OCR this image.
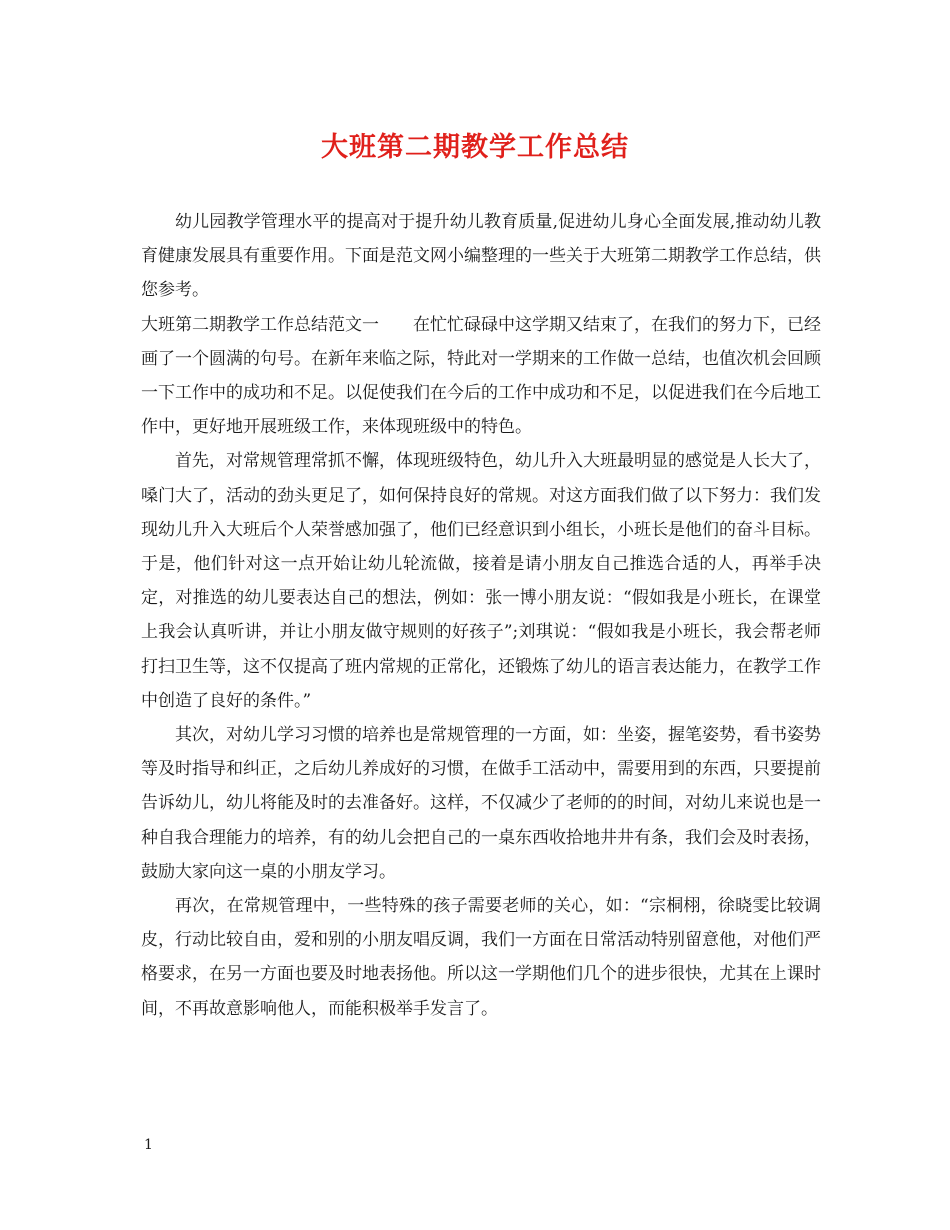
大班第二期教学工作总结

幼儿园教学管理水平的提高对于提升幼儿教育质量,促进幼儿身心全面发展,推动幼儿教育健康发展具有重要作用。下面是范文网小编整理的一些关于大班第二期教学工作总结，供您参考。

大班第二期教学工作总结范文一　　在忙忙碌碌中这学期又结束了，在我们的努力下，已经画了一个圆满的句号。在新年来临之际，特此对一学期来的工作做一总结，也值次机会回顾一下工作中的成功和不足。以促使我们在今后的工作中成功和不足，以促进我们在今后地工作中，更好地开展班级工作，来体现班级中的特色。

首先，对常规管理常抓不懈，体现班级特色，幼儿升入大班最明显的感觉是人长大了，嗓门大了，活动的劲头更足了，如何保持良好的常规。对这方面我们做了以下努力：我们发现幼儿升入大班后个人荣誉感加强了，他们已经意识到小组长，小班长是他们的奋斗目标。于是，他们针对这一点开始让幼儿轮流做，接着是请小朋友自己推选合适的人，再举手决定，对推选的幼儿要表达自己的想法，例如：张一博小朋友说：“假如我是小班长，在课堂上我会认真听讲，并让小朋友做守规则的好孩子”;刘琪说：“假如我是小班长，我会帮老师打扫卫生等，这不仅提高了班内常规的正常化，还锻炼了幼儿的语言表达能力，在教学工作中创造了良好的条件。”

其次，对幼儿学习习惯的培养也是常规管理的一方面，如：坐姿，握笔姿势，看书姿势等及时指导和纠正，之后幼儿养成好的习惯，在做手工活动中，需要用到的东西，只要提前告诉幼儿，幼儿将能及时的去准备好。这样，不仅减少了老师的的时间，对幼儿来说也是一种自我合理能力的培养，有的幼儿会把自己的一桌东西收拾地井井有条，我们会及时表扬，鼓励大家向这一桌的小朋友学习。

再次，在常规管理中，一些特殊的孩子需要老师的关心，如：“宗桐栩，徐晓雯比较调皮，行动比较自由，爱和别的小朋友唱反调，我们一方面在日常活动特别留意他，对他们严格要求，在另一方面也要及时地表扬他。所以这一学期他们几个的进步很快，尤其在上课时间，不再故意影响他人，而能积极举手发言了。

1
